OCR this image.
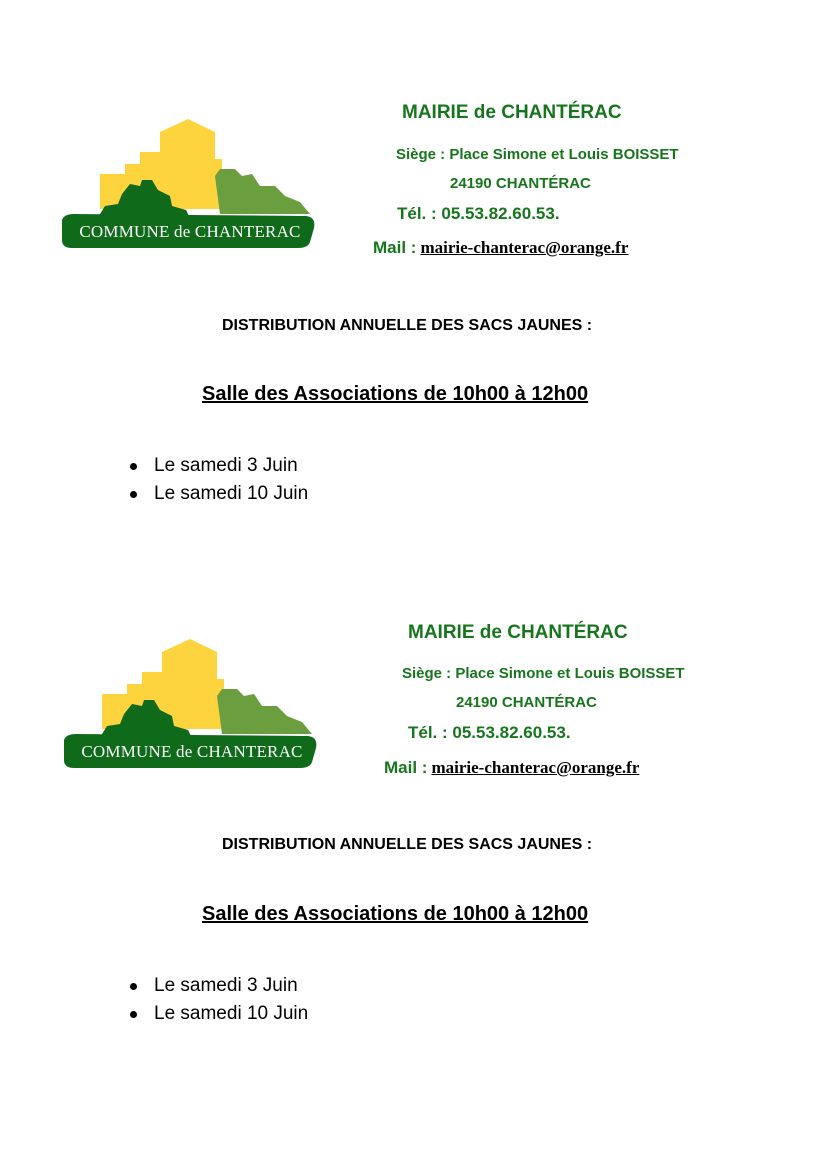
COMMUNE de CHANTERAC
MAIRIE de CHANTÉRAC
Siège : Place Simone et Louis BOISSET
24190 CHANTÉRAC
Tél. : 05.53.82.60.53.
Mail : mairie-chanterac@orange.fr
DISTRIBUTION ANNUELLE DES SACS JAUNES :
Salle des Associations de 10h00 à 12h00
Le samedi 3 Juin
Le samedi 10 Juin
COMMUNE de CHANTERAC
MAIRIE de CHANTÉRAC
Siège : Place Simone et Louis BOISSET
24190 CHANTÉRAC
Tél. : 05.53.82.60.53.
Mail : mairie-chanterac@orange.fr
DISTRIBUTION ANNUELLE DES SACS JAUNES :
Salle des Associations de 10h00 à 12h00
Le samedi 3 Juin
Le samedi 10 Juin
